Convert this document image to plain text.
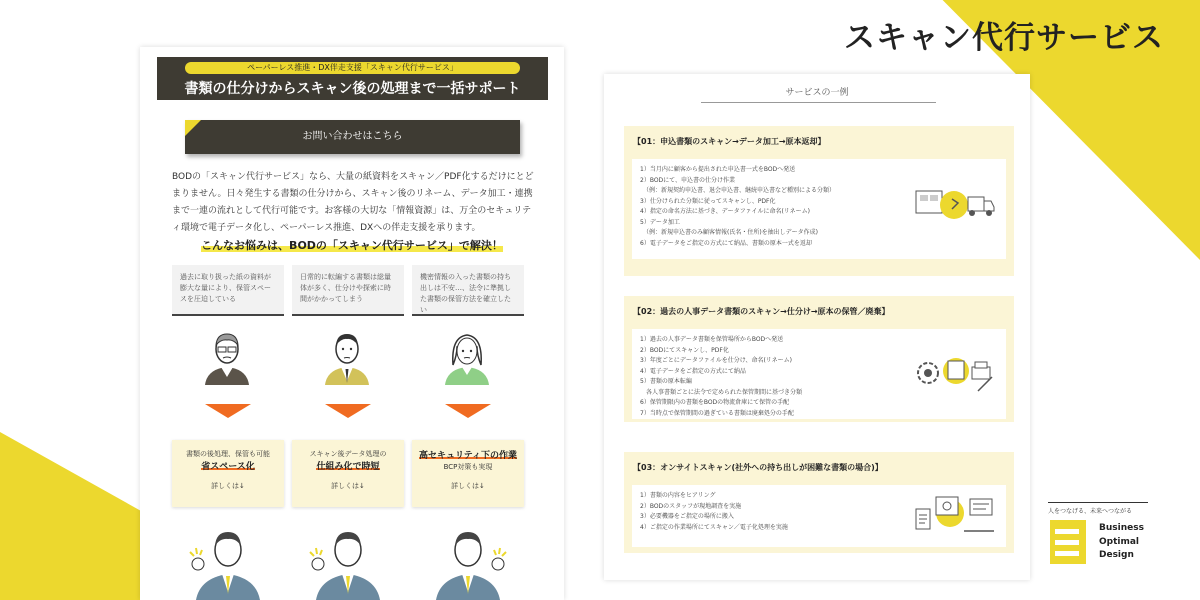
スキャン代行サービス
ペーパーレス推進・DX伴走支援「スキャン代行サービス」
書類の仕分けからスキャン後の処理まで一括サポート
お問い合わせはこちら

BODの「スキャン代行サービス」なら、大量の紙資料をスキャン／PDF化するだけにとどまりません。日々発生する書類の仕分けから、スキャン後のリネーム、データ加工・連携まで一連の流れとして代行可能です。お客様の大切な「情報資源」は、万全のセキュリティ環境で電子データ化し、ペーパーレス推進、DXへの伴走支援を承ります。

こんなお悩みは、BODの「スキャン代行サービス」で解決！
過去に取り扱った紙の資料が膨大な量により、保管スペースを圧迫している
書類の後処理、保管も可能
省スペース化
詳しくは↓
日常的に転編する書類は総量体が多く、仕分けや探索に時間がかかってしまう
スキャン後データ処理の
仕組み化で時短
詳しくは↓
機密情報の入った書類の持ち出しは不安…、法令に準拠した書類の保管方法を確立したい
高セキュリティ下の作業
BCP対策も実現
詳しくは↓
サービスの一例
【01：申込書類のスキャン→データ加工→原本返却】
1）当月内に顧客から提出された申込書一式をBODへ発送
2）BODにて、申込書の仕分け作業
　（例：新規契約申込書、退会申込書、継続申込書など種別による分類）
3）仕分けられた分類に従ってスキャンし、PDF化
4）指定の命名方法に基づき、データファイルに命名(リネーム)
5）データ加工
　（例：新規申込書のみ顧客情報(氏名・住所)を抽出しデータ作成)
6）電子データをご指定の方式にて納品、書類の原本一式を返却
【02：過去の人事データ書類のスキャン→仕分け→原本の保管／廃棄】
1）過去の人事データ書類を保管場所からBODへ発送
2）BODにてスキャンし、PDF化
3）年度ごとにデータファイルを仕分け、命名(リネーム)
4）電子データをご指定の方式にて納品
5）書類の原本転編
　各人事書類ごとに法令で定められた保管期間に基づき分類
6）保管期限内の書類をBODの物流倉庫にて保管の手配
7）当時点で保管期間の過ぎている書類は廃棄処分の手配
【03：オンサイトスキャン(社外への持ち出しが困難な書類の場合)】
1）書類の内容をヒアリング
2）BODのスタッフが現地調査を実施
3）必要機器をご指定の場所に搬入
4）ご指定の作業場所にてスキャン／電子化処理を実施
人をつなげる、未来へつながる
Business
Optimal
Design
